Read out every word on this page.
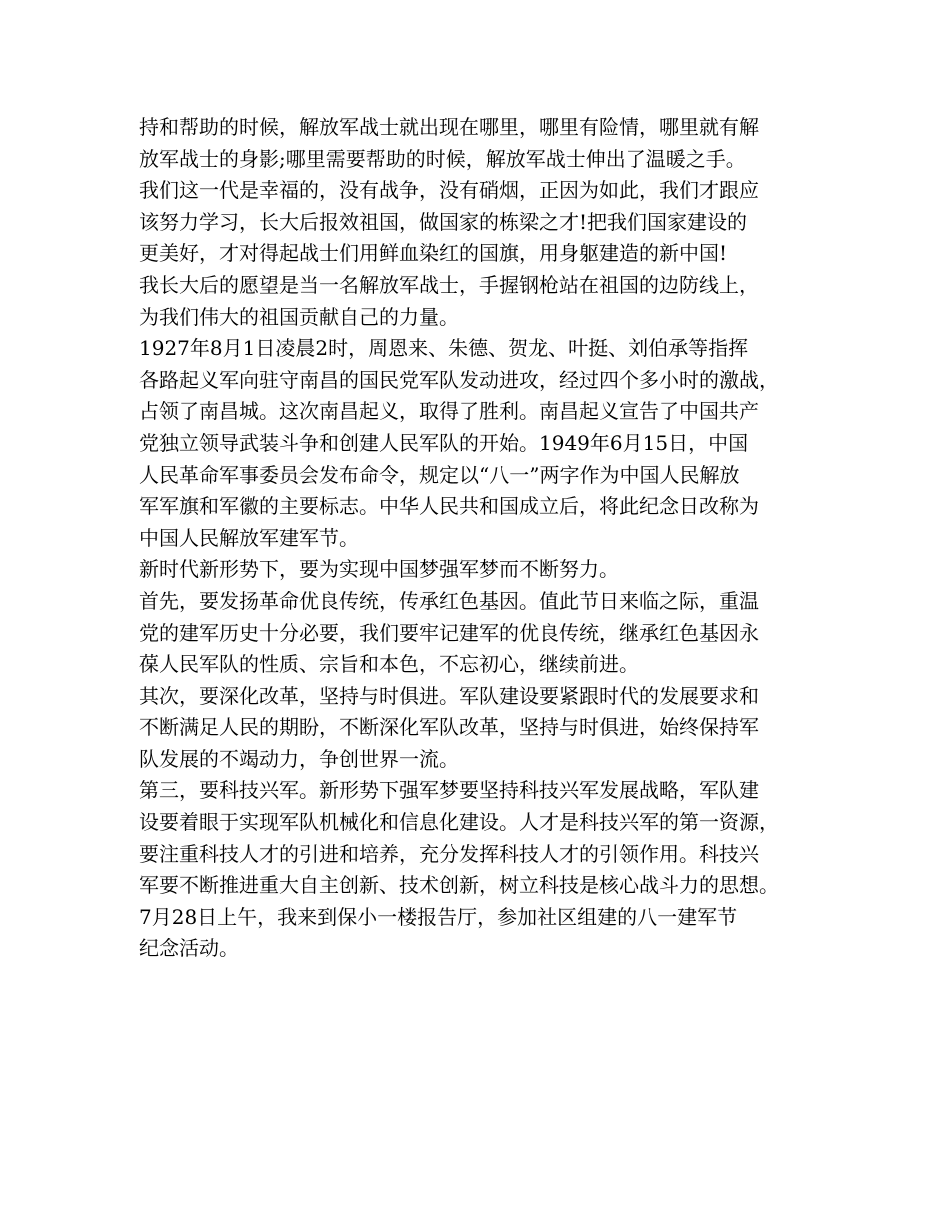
持和帮助的时候，解放军战士就出现在哪里，哪里有险情，哪里就有解
放军战士的身影;哪里需要帮助的时候，解放军战士伸出了温暖之手。

我们这一代是幸福的，没有战争，没有硝烟，正因为如此，我们才跟应
该努力学习，长大后报效祖国，做国家的栋梁之才!把我们国家建设的
更美好，才对得起战士们用鲜血染红的国旗，用身躯建造的新中国!

我长大后的愿望是当一名解放军战士，手握钢枪站在祖国的边防线上，
为我们伟大的祖国贡献自己的力量。

1927年8月1日凌晨2时，周恩来、朱德、贺龙、叶挺、刘伯承等指挥
各路起义军向驻守南昌的国民党军队发动进攻，经过四个多小时的激战，
占领了南昌城。这次南昌起义，取得了胜利。南昌起义宣告了中国共产
党独立领导武装斗争和创建人民军队的开始。1949年6月15日，中国
人民革命军事委员会发布命令，规定以“八一”两字作为中国人民解放
军军旗和军徽的主要标志。中华人民共和国成立后，将此纪念日改称为
中国人民解放军建军节。

新时代新形势下，要为实现中国梦强军梦而不断努力。

首先，要发扬革命优良传统，传承红色基因。值此节日来临之际，重温
党的建军历史十分必要，我们要牢记建军的优良传统，继承红色基因永
葆人民军队的性质、宗旨和本色，不忘初心，继续前进。

其次，要深化改革，坚持与时俱进。军队建设要紧跟时代的发展要求和
不断满足人民的期盼，不断深化军队改革，坚持与时俱进，始终保持军
队发展的不竭动力，争创世界一流。

第三，要科技兴军。新形势下强军梦要坚持科技兴军发展战略，军队建
设要着眼于实现军队机械化和信息化建设。人才是科技兴军的第一资源，
要注重科技人才的引进和培养，充分发挥科技人才的引领作用。科技兴
军要不断推进重大自主创新、技术创新，树立科技是核心战斗力的思想。

7月28日上午，我来到保小一楼报告厅，参加社区组建的八一建军节
纪念活动。
